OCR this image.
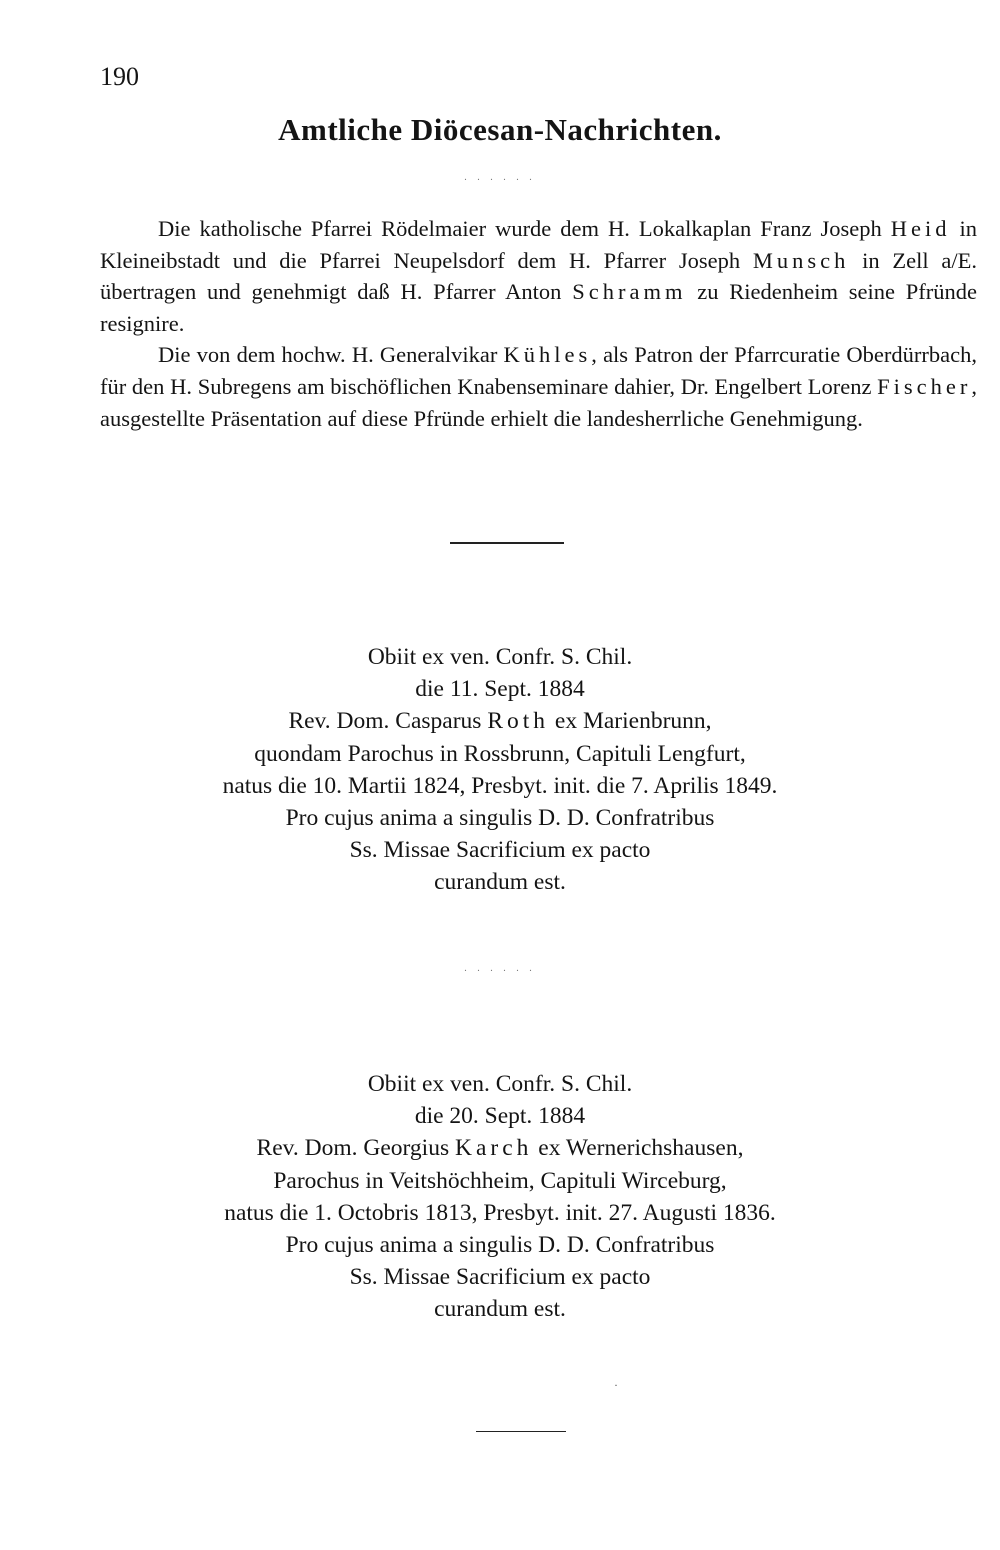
190
Amtliche Diöcesan-Nachrichten.
. . . . . .

Die katholische Pfarrei Rödelmaier wurde dem H. Lokalkaplan Franz Joseph Heid in Kleineibstadt und die Pfarrei Neupelsdorf dem H. Pfarrer Joseph Munsch in Zell a/E. übertragen und genehmigt daß H. Pfarrer Anton Schramm zu Riedenheim seine Pfründe resignire.

Die von dem hochw. H. Generalvikar Kühles, als Patron der Pfarrcuratie Oberdürrbach, für den H. Subregens am bischöflichen Knabenseminare dahier, Dr. Engelbert Lorenz Fischer, ausgestellte Präsentation auf diese Pfründe erhielt die landesherrliche Genehmigung.

Obiit ex ven. Confr. S. Chil.
die 11. Sept. 1884
Rev. Dom. Casparus Roth ex Marienbrunn,
quondam Parochus in Rossbrunn, Capituli Lengfurt,
natus die 10. Martii 1824, Presbyt. init. die 7. Aprilis 1849.
Pro cujus anima a singulis D. D. Confratribus
Ss. Missae Sacrificium ex pacto
curandum est.
. . . . . .
Obiit ex ven. Confr. S. Chil.
die 20. Sept. 1884
Rev. Dom. Georgius Karch ex Wernerichshausen,
Parochus in Veitshöchheim, Capituli Wirceburg,
natus die 1. Octobris 1813, Presbyt. init. 27. Augusti 1836.
Pro cujus anima a singulis D. D. Confratribus
Ss. Missae Sacrificium ex pacto
curandum est.
·
